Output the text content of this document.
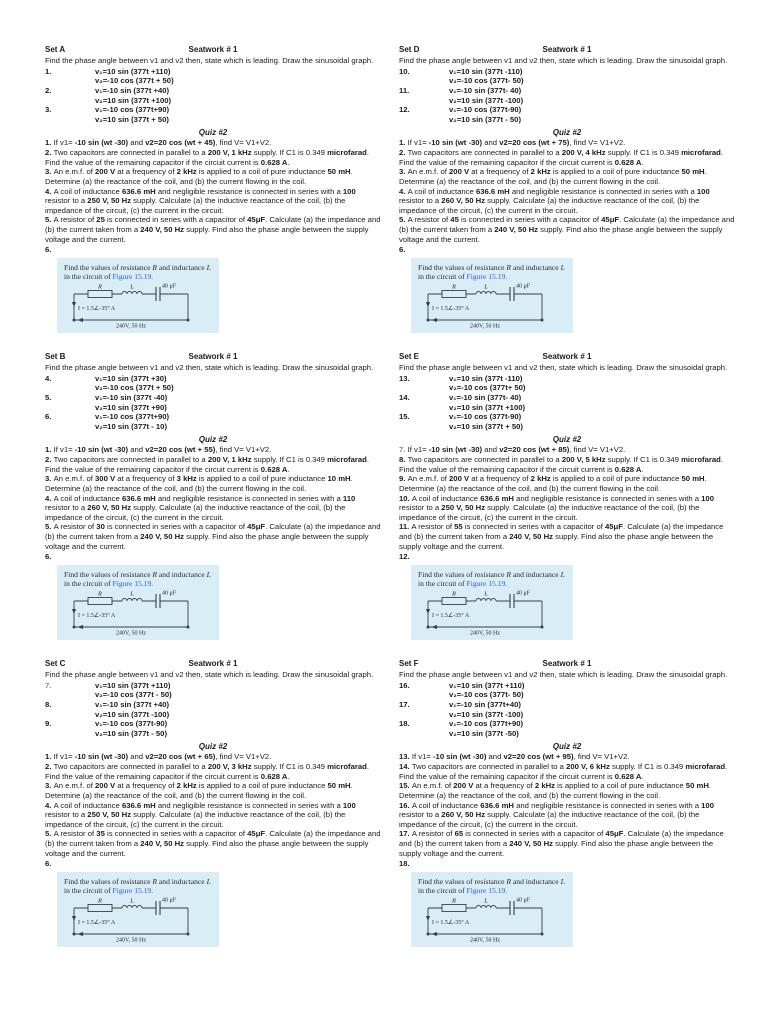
Seatwork # 1
Set A

Find the phase angle between v1 and v2 then, state which is leading. Draw the sinusoidal graph.

1.	v₁=10 sin (377t +110)
v₂=-10 cos (377t + 50)
2.	v₁=-10 sin (377t +40)
v₂=10 sin (377t +100)
3.	v₁=-10 cos (377t+90)
v₂=10 sin (377t + 50)

Quiz #2

1. If v1= -10 sin (wt -30) and v2=20 cos (wt + 45), find V= V1+V2.

2. Two capacitors are connected in parallel to a 200 V, 1 kHz supply. If C1 is 0.349 microfarad. Find the value of the remaining capacitor if the circuit current is 0.628 A.

3. An e.m.f. of 200 V at a frequency of 2 kHz is applied to a coil of pure inductance 50 mH. Determine (a) the reactance of the coil, and (b) the current flowing in the coil.

4. A coil of inductance 636.6 mH and negligible resistance is connected in series with a 100 resistor to a 250 V, 50 Hz supply. Calculate (a) the inductive reactance of the coil, (b) the impedance of the circuit, (c) the current in the circuit.

5. A resistor of 25 is connected in series with a capacitor of 45μF. Calculate (a) the impedance and (b) the current taken from a 240 V, 50 Hz supply. Find also the phase angle between the supply voltage and the current.

6.

Find the values of resistance R and inductance L in the circuit of Figure 15.19.

R	L	40 μF
I = 1.5∠-35° A
240V, 50 Hz
Seatwork # 1
Set B

Find the phase angle between v1 and v2 then, state which is leading. Draw the sinusoidal graph.

4.	v₁=10 sin (377t +30)
v₂=-10 cos (377t + 50)
5.	v₁=-10 sin (377t -40)
v₂=10 sin (377t +90)
6.	v₁=-10 cos (377t+90)
v₂=10 sin (377t - 10)

Quiz #2

1. If v1= -10 sin (wt -30) and v2=20 cos (wt + 55), find V= V1+V2.

2. Two capacitors are connected in parallel to a 200 V, 1 kHz supply. If C1 is 0.349 microfarad. Find the value of the remaining capacitor if the circuit current is 0.628 A.

3. An e.m.f. of 300 V at a frequency of 3 kHz is applied to a coil of pure inductance 10 mH. Determine (a) the reactance of the coil, and (b) the current flowing in the coil.

4. A coil of inductance 636.6 mH and negligible resistance is connected in series with a 110 resistor to a 260 V, 50 Hz supply. Calculate (a) the inductive reactance of the coil, (b) the impedance of the circuit, (c) the current in the circuit.

5. A resistor of 30 is connected in series with a capacitor of 45μF. Calculate (a) the impedance and (b) the current taken from a 240 V, 50 Hz supply. Find also the phase angle between the supply voltage and the current.

6.

Find the values of resistance R and inductance L in the circuit of Figure 15.19.

R	L	40 μF
I = 1.5∠-35° A
240V, 50 Hz
Seatwork # 1
Set C

Find the phase angle between v1 and v2 then, state which is leading. Draw the sinusoidal graph.

7.	v₁=10 sin (377t +110)
v₂=-10 cos (377t - 50)
8.	v₁=-10 sin (377t +40)
v₂=10 sin (377t -100)
9.	v₁=-10 cos (377t-90)
v₂=10 sin (377t - 50)

Quiz #2

1. If v1= -10 sin (wt -30) and v2=20 cos (wt + 65), find V= V1+V2.

2. Two capacitors are connected in parallel to a 200 V, 3 kHz supply. If C1 is 0.349 microfarad. Find the value of the remaining capacitor if the circuit current is 0.628 A.

3. An e.m.f. of 200 V at a frequency of 2 kHz is applied to a coil of pure inductance 50 mH. Determine (a) the reactance of the coil, and (b) the current flowing in the coil.

4. A coil of inductance 636.6 mH and negligible resistance is connected in series with a 100 resistor to a 250 V, 50 Hz supply. Calculate (a) the inductive reactance of the coil, (b) the impedance of the circuit, (c) the current in the circuit.

5. A resistor of 35 is connected in series with a capacitor of 45μF. Calculate (a) the impedance and (b) the current taken from a 240 V, 50 Hz supply. Find also the phase angle between the supply voltage and the current.

6.

Find the values of resistance R and inductance L in the circuit of Figure 15.19.

R	L	40 μF
I = 1.5∠-35° A
240V, 50 Hz
Seatwork # 1
Set D

Find the phase angle between v1 and v2 then, state which is leading. Draw the sinusoidal graph.

10.	v₁=10 sin (377t -110)
v₂=-10 cos (377t- 50)
11.	v₁=-10 sin (377t- 40)
v₂=10 sin (377t -100)
12.	v₁=-10 cos (377t-90)
v₂=10 sin (377t - 50)

Quiz #2

1. If v1= -10 sin (wt -30) and v2=20 cos (wt + 75), find V= V1+V2.

2. Two capacitors are connected in parallel to a 200 V, 4 kHz supply. If C1 is 0.349 microfarad. Find the value of the remaining capacitor if the circuit current is 0.628 A.

3. An e.m.f. of 200 V at a frequency of 2 kHz is applied to a coil of pure inductance 50 mH. Determine (a) the reactance of the coil, and (b) the current flowing in the coil.

4. A coil of inductance 636.6 mH and negligible resistance is connected in series with a 100 resistor to a 260 V, 50 Hz supply. Calculate (a) the inductive reactance of the coil, (b) the impedance of the circuit, (c) the current in the circuit.

5. A resistor of 45 is connected in series with a capacitor of 45μF. Calculate (a) the impedance and (b) the current taken from a 240 V, 50 Hz supply. Find also the phase angle between the supply voltage and the current.

6.

Find the values of resistance R and inductance L in the circuit of Figure 15.19.

R	L	40 μF
I = 1.5∠-35° A
240V, 50 Hz
Seatwork # 1
Set E

Find the phase angle between v1 and v2 then, state which is leading. Draw the sinusoidal graph.

13.	v₁=10 sin (377t -110)
v₂=-10 cos (377t+ 50)
14.	v₁=-10 sin (377t- 40)
v₂=10 sin (377t +100)
15.	v₁=-10 cos (377t-90)
v₂=10 sin (377t + 50)

Quiz #2

7. If v1= -10 sin (wt -30) and v2=20 cos (wt + 85), find V= V1+V2.

8. Two capacitors are connected in parallel to a 200 V, 5 kHz supply. If C1 is 0.349 microfarad. Find the value of the remaining capacitor if the circuit current is 0.628 A.

9. An e.m.f. of 200 V at a frequency of 2 kHz is applied to a coil of pure inductance 50 mH. Determine (a) the reactance of the coil, and (b) the current flowing in the coil.

10. A coil of inductance 636.6 mH and negligible resistance is connected in series with a 100 resistor to a 250 V, 50 Hz supply. Calculate (a) the inductive reactance of the coil, (b) the impedance of the circuit, (c) the current in the circuit.

11. A resistor of 55 is connected in series with a capacitor of 45μF. Calculate (a) the impedance and (b) the current taken from a 240 V, 50 Hz supply. Find also the phase angle between the supply voltage and the current.

12.

Find the values of resistance R and inductance L in the circuit of Figure 15.19.

R	L	40 μF
I = 1.5∠-35° A
240V, 50 Hz
Seatwork # 1
Set F

Find the phase angle between v1 and v2 then, state which is leading. Draw the sinusoidal graph.

16.	v₁=10 sin (377t +110)
v₂=-10 cos (377t- 50)
17.	v₁=-10 sin (377t+40)
v₂=10 sin (377t -100)
18.	v₁=-10 cos (377t+90)
v₂=10 sin (377t -50)

Quiz #2

13. If v1= -10 sin (wt -30) and v2=20 cos (wt + 95), find V= V1+V2.

14. Two capacitors are connected in parallel to a 200 V, 6 kHz supply. If C1 is 0.349 microfarad. Find the value of the remaining capacitor if the circuit current is 0.628 A.

15. An e.m.f. of 200 V at a frequency of 2 kHz is applied to a coil of pure inductance 50 mH. Determine (a) the reactance of the coil, and (b) the current flowing in the coil.

16. A coil of inductance 636.6 mH and negligible resistance is connected in series with a 100 resistor to a 260 V, 50 Hz supply. Calculate (a) the inductive reactance of the coil, (b) the impedance of the circuit, (c) the current in the circuit.

17. A resistor of 65 is connected in series with a capacitor of 45μF. Calculate (a) the impedance and (b) the current taken from a 240 V, 50 Hz supply. Find also the phase angle between the supply voltage and the current.

18.

Find the values of resistance R and inductance L in the circuit of Figure 15.19.

R	L	40 μF
I = 1.5∠-35° A
240V, 50 Hz
